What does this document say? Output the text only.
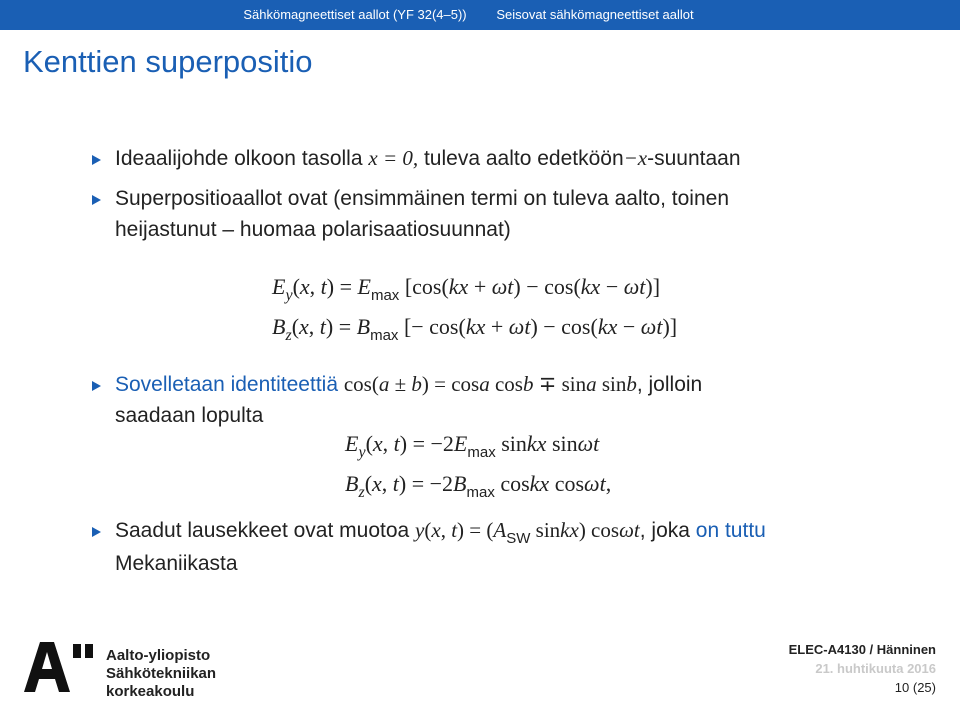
Sähkömagneettiset aallot (YF 32(4–5))	Seisovat sähkömagneettiset aallot
Kenttien superpositio
Ideaalijohde olkoon tasolla x = 0, tuleva aalto edetköön−x-suuntaan
Superpositioaallot ovat (ensimmäinen termi on tuleva aalto, toinen
heijastunut – huomaa polarisaatiosuunnat)
$E_y(x$, $t) = E_{max}$ [cos(kx + ωt) − cos(kx − ωt)]
$B_z(x$, $t) = B_{max}$ [− cos(kx + ωt) − cos(kx − ωt)]
Sovelletaan identiteettiä cos(a ± b) = cosa cosb ∓ sina sinb, jolloin
saadaan lopulta
$E_y(x$, $t) = -2E_{max}$ sinkx sinωt
$B_z(x$, $t) = -2B_{max}$ coskx cosωt,
Saadut lausekkeet ovat muotoa y(x, $t) = (A_{SW}$ sinkx) cosωt, joka on tuttu
Mekaniikasta
Aalto-yliopisto
Sähkötekniikan
korkeakoulu
ELEC-A4130 / Hänninen
21. huhtikuuta 2016
10 (25)
